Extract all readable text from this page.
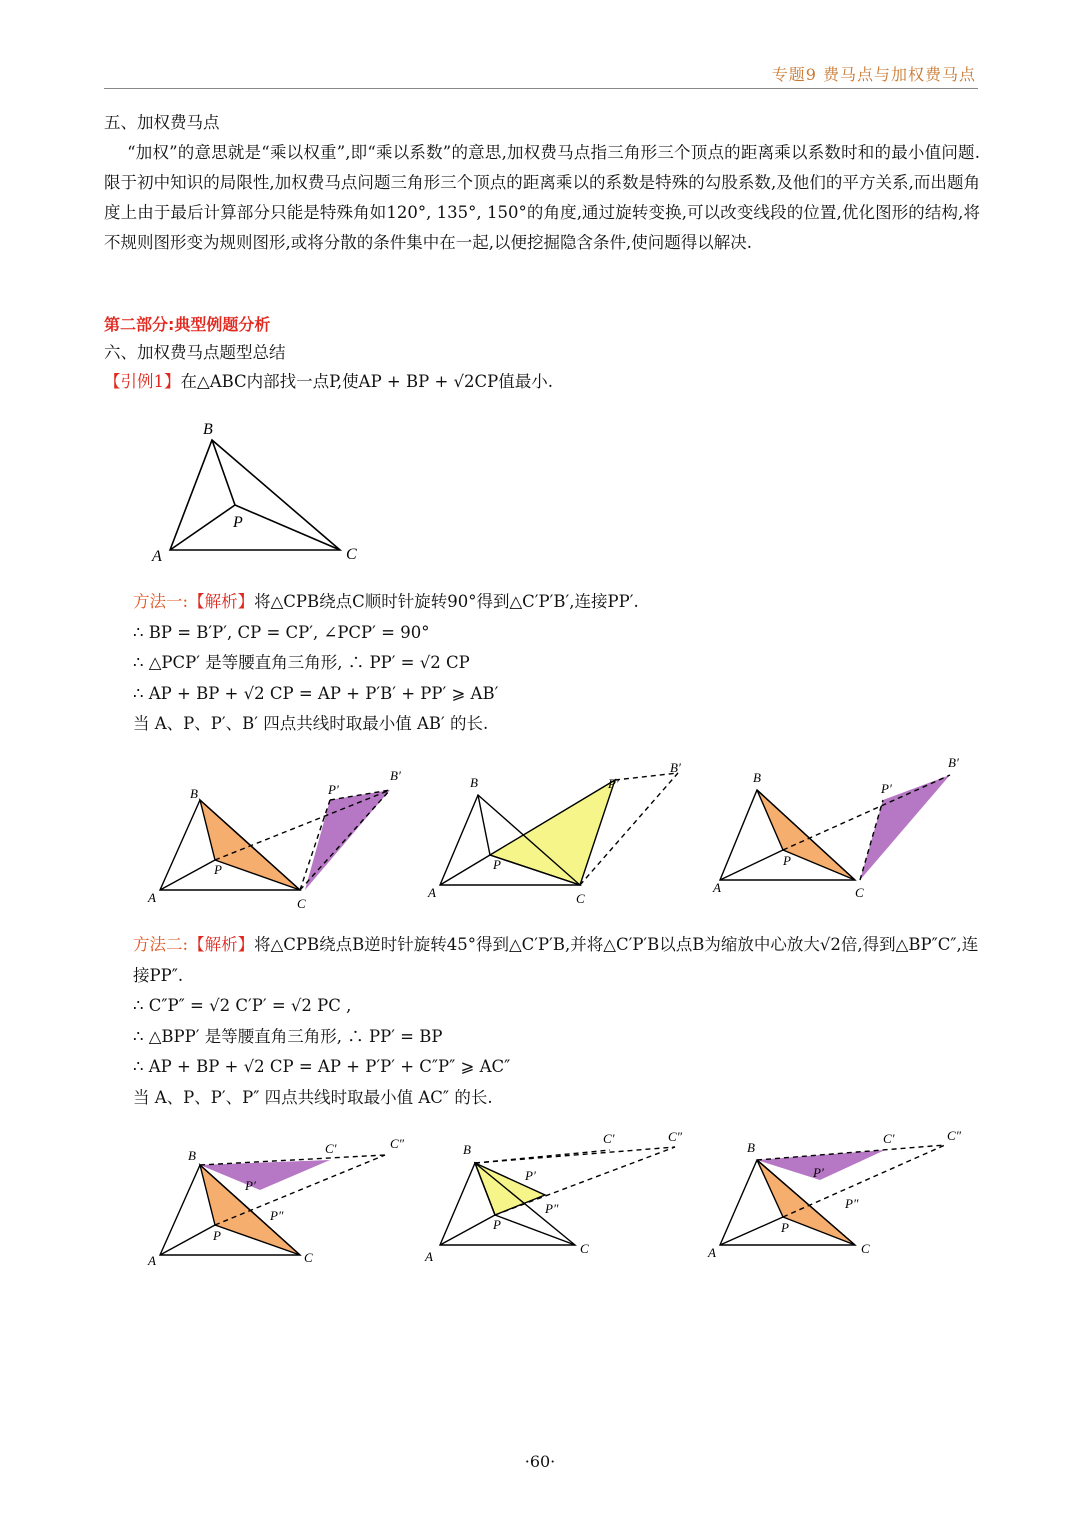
专题9 费马点与加权费马点
五、加权费马点
“加权”的意思就是“乘以权重”,即“乘以系数”的意思,加权费马点指三角形三个顶点的距离乘以系数时和的最小值问题. 限于初中知识的局限性,加权费马点问题三角形三个顶点的距离乘以的系数是特殊的勾股系数,及他们的平方关系,而出题角度上由于最后计算部分只能是特殊角如120°, 135°, 150°的角度,通过旋转变换,可以改变线段的位置,优化图形的结构,将不规则图形变为规则图形,或将分散的条件集中在一起,以便挖掘隐含条件,使问题得以解决.
第二部分:典型例题分析
六、加权费马点题型总结
【引例1】在△ABC内部找一点P,使AP + BP + √2CP值最小.
B
P
A	C
方法一:【解析】将△CPB绕点C顺时针旋转90°得到△C′P′B′,连接PP′.
∴ BP = B′P′, CP = CP′, ∠PCP′ = 90°
∴ △PCP′ 是等腰直角三角形, ∴ PP′ = √2 CP
∴ AP + BP + √2 CP = AP + P′B′ + PP′ ⩾ AB′
当 A、P、P′、B′ 四点共线时取最小值 AB′ 的长.
B
P
A	C
P′
B′	B
P
A	C
P′
B′
B
P
A	C
P′
B′
方法二:【解析】将△CPB绕点B逆时针旋转45°得到△C′P′B,并将△C′P′B以点B为缩放中心放大√2倍,得到△BP″C″,连接PP″.
∴ C″P″ = √2 C′P′ = √2 PC ,
∴ △BPP′ 是等腰直角三角形, ∴ PP′ = BP
∴ AP + BP + √2 CP = AP + P′P′ + C″P″ ⩾ AC″
当 A、P、P′、P″ 四点共线时取最小值 AC″ 的长.
B
P′
P″
P
A	C
C′	C″	B
P′
P″
P
A
C
C′	C″
B
P′
P″
P
A	C
C′	C″
·60·
